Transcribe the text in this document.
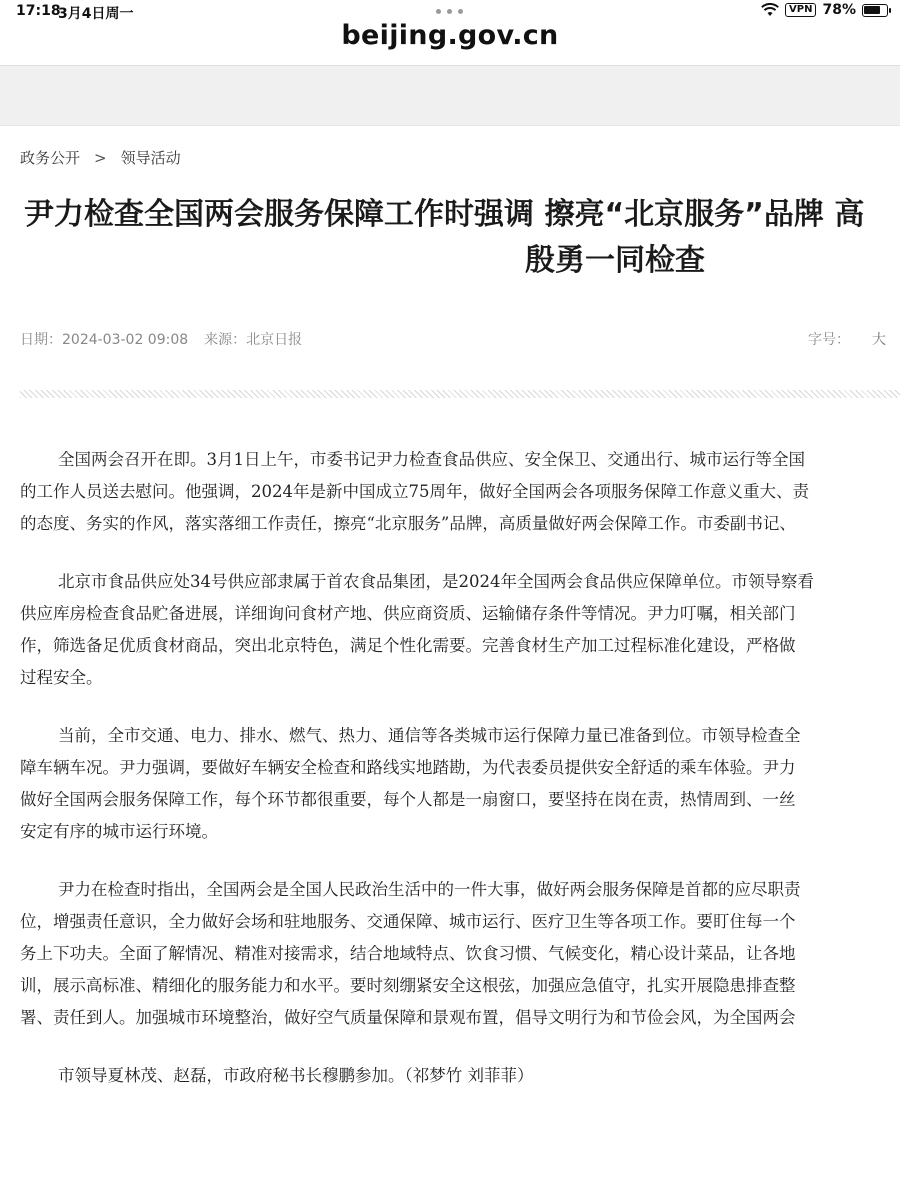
17:18
3月4日周一	VPN 78%
beijing.gov.cn
政务公开 > 领导活动
尹力检查全国两会服务保障工作时强调 擦亮“北京服务”品牌 高
殷勇一同检查
日期：2024-03-02 09:08 来源：北京日报	字号： 大

全国两会召开在即。3月1日上午，市委书记尹力检查食品供应、安全保卫、交通出行、城市运行等全国
的工作人员送去慰问。他强调，2024年是新中国成立75周年，做好全国两会各项服务保障工作意义重大、责
的态度、务实的作风，落实落细工作责任，擦亮“北京服务”品牌，高质量做好两会保障工作。市委副书记、

北京市食品供应处34号供应部隶属于首农食品集团，是2024年全国两会食品供应保障单位。市领导察看
供应库房检查食品贮备进展，详细询问食材产地、供应商资质、运输储存条件等情况。尹力叮嘱，相关部门
作，筛选备足优质食材商品，突出北京特色，满足个性化需要。完善食材生产加工过程标准化建设，严格做
过程安全。

当前，全市交通、电力、排水、燃气、热力、通信等各类城市运行保障力量已准备到位。市领导检查全
障车辆车况。尹力强调，要做好车辆安全检查和路线实地踏勘，为代表委员提供安全舒适的乘车体验。尹力
做好全国两会服务保障工作，每个环节都很重要，每个人都是一扇窗口，要坚持在岗在责，热情周到、一丝
安定有序的城市运行环境。

尹力在检查时指出，全国两会是全国人民政治生活中的一件大事，做好两会服务保障是首都的应尽职责
位，增强责任意识，全力做好会场和驻地服务、交通保障、城市运行、医疗卫生等各项工作。要盯住每一个
务上下功夫。全面了解情况、精准对接需求，结合地域特点、饮食习惯、气候变化，精心设计菜品，让各地
训，展示高标准、精细化的服务能力和水平。要时刻绷紧安全这根弦，加强应急值守，扎实开展隐患排查整
署、责任到人。加强城市环境整治，做好空气质量保障和景观布置，倡导文明行为和节俭会风，为全国两会

市领导夏林茂、赵磊，市政府秘书长穆鹏参加。（祁梦竹 刘菲菲）
